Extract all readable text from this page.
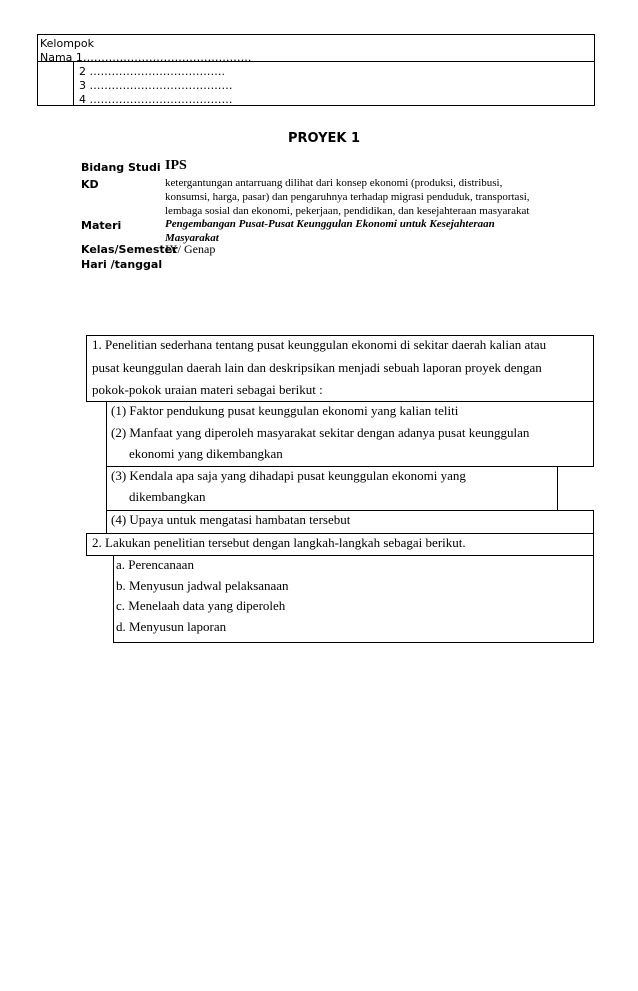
Kelompok
Nama 1……………………………………….
2 ……………………………….
3 …………………………………
4 …………………………………
PROYEK 1
Bidang Studi IPS
KD	ketergantungan antarruang dilihat dari konsep ekonomi (produksi, distribusi,
konsumsi, harga, pasar) dan pengaruhnya terhadap migrasi penduduk, transportasi,
lembaga sosial dan ekonomi, pekerjaan, pendidikan, dan kesejahteraan masyarakat
Materi	Pengembangan Pusat-Pusat Keunggulan Ekonomi untuk Kesejahteraan
Masyarakat
Kelas/Semester
IX/ Genap
Hari /tanggal
1. Penelitian sederhana tentang pusat keunggulan ekonomi di sekitar daerah kalian atau
pusat keunggulan daerah lain dan deskripsikan menjadi sebuah laporan proyek dengan
pokok-pokok uraian materi sebagai berikut :
(1) Faktor pendukung pusat keunggulan ekonomi yang kalian teliti
(2) Manfaat yang diperoleh masyarakat sekitar dengan adanya pusat keunggulan
ekonomi yang dikembangkan
(3) Kendala apa saja yang dihadapi pusat keunggulan ekonomi yang
dikembangkan
(4) Upaya untuk mengatasi hambatan tersebut
2. Lakukan penelitian tersebut dengan langkah-langkah sebagai berikut.
a. Perencanaan
b. Menyusun jadwal pelaksanaan
c. Menelaah data yang diperoleh
d. Menyusun laporan
